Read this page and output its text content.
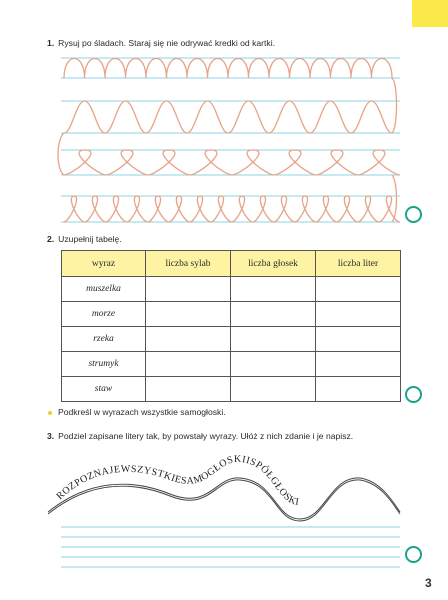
1. Rysuj po śladach. Staraj się nie odrywać kredki od kartki.
ROZPOZNAJEWSZYSTKIESAMOGŁOSKIISPÓŁGŁOSKI
2. Uzupełnij tabelę.
wyraz	liczba sylab	liczba głosek	liczba liter
muszelka			
morze			
rzeka			
strumyk			
staw			
Podkreśl w wyrazach wszystkie samogłoski.
3. Podziel zapisane litery tak, by powstały wyrazy. Ułóż z nich zdanie i je napisz.
3
